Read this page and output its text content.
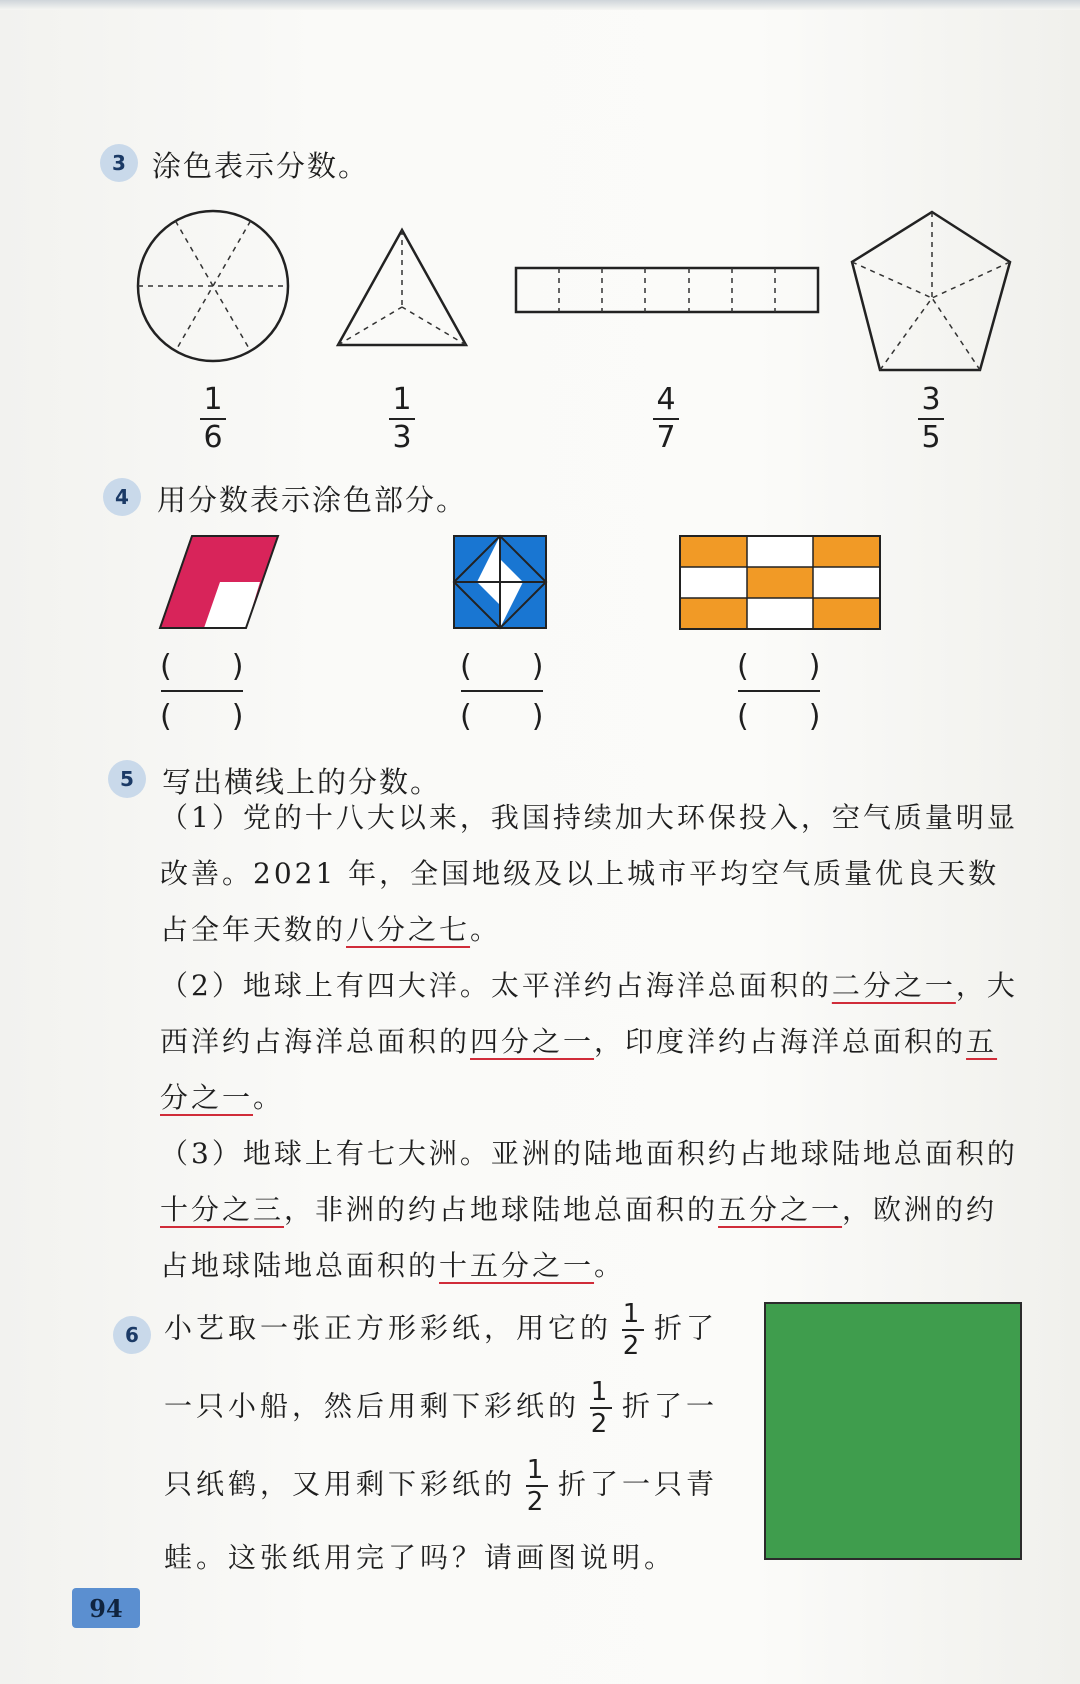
3 涂色表示分数。
1
6
1
3
4
7
3
5
4 用分数表示涂色部分。
(   )
(   )
(   )
(   )
(   )
(   )
5 写出横线上的分数。
（1）党的十八大以来，我国持续加大环保投入，空气质量明显改善。2021 年，全国地级及以上城市平均空气质量优良天数占全年天数的八分之七。
（2）地球上有四大洋。太平洋约占海洋总面积的二分之一，大西洋约占海洋总面积的四分之一，印度洋约占海洋总面积的五分之一。
（3）地球上有七大洲。亚洲的陆地面积约占地球陆地总面积的十分之三，非洲的约占地球陆地总面积的五分之一，欧洲的约占地球陆地总面积的十五分之一。
6 小艺取一张正方形彩纸，用它的 $\frac{1}{2}$ 折了
一只小船，然后用剩下彩纸的 $\frac{1}{2}$ 折了一
只纸鹤，又用剩下彩纸的 $\frac{1}{2}$ 折了一只青
蛙。这张纸用完了吗？请画图说明。
94
